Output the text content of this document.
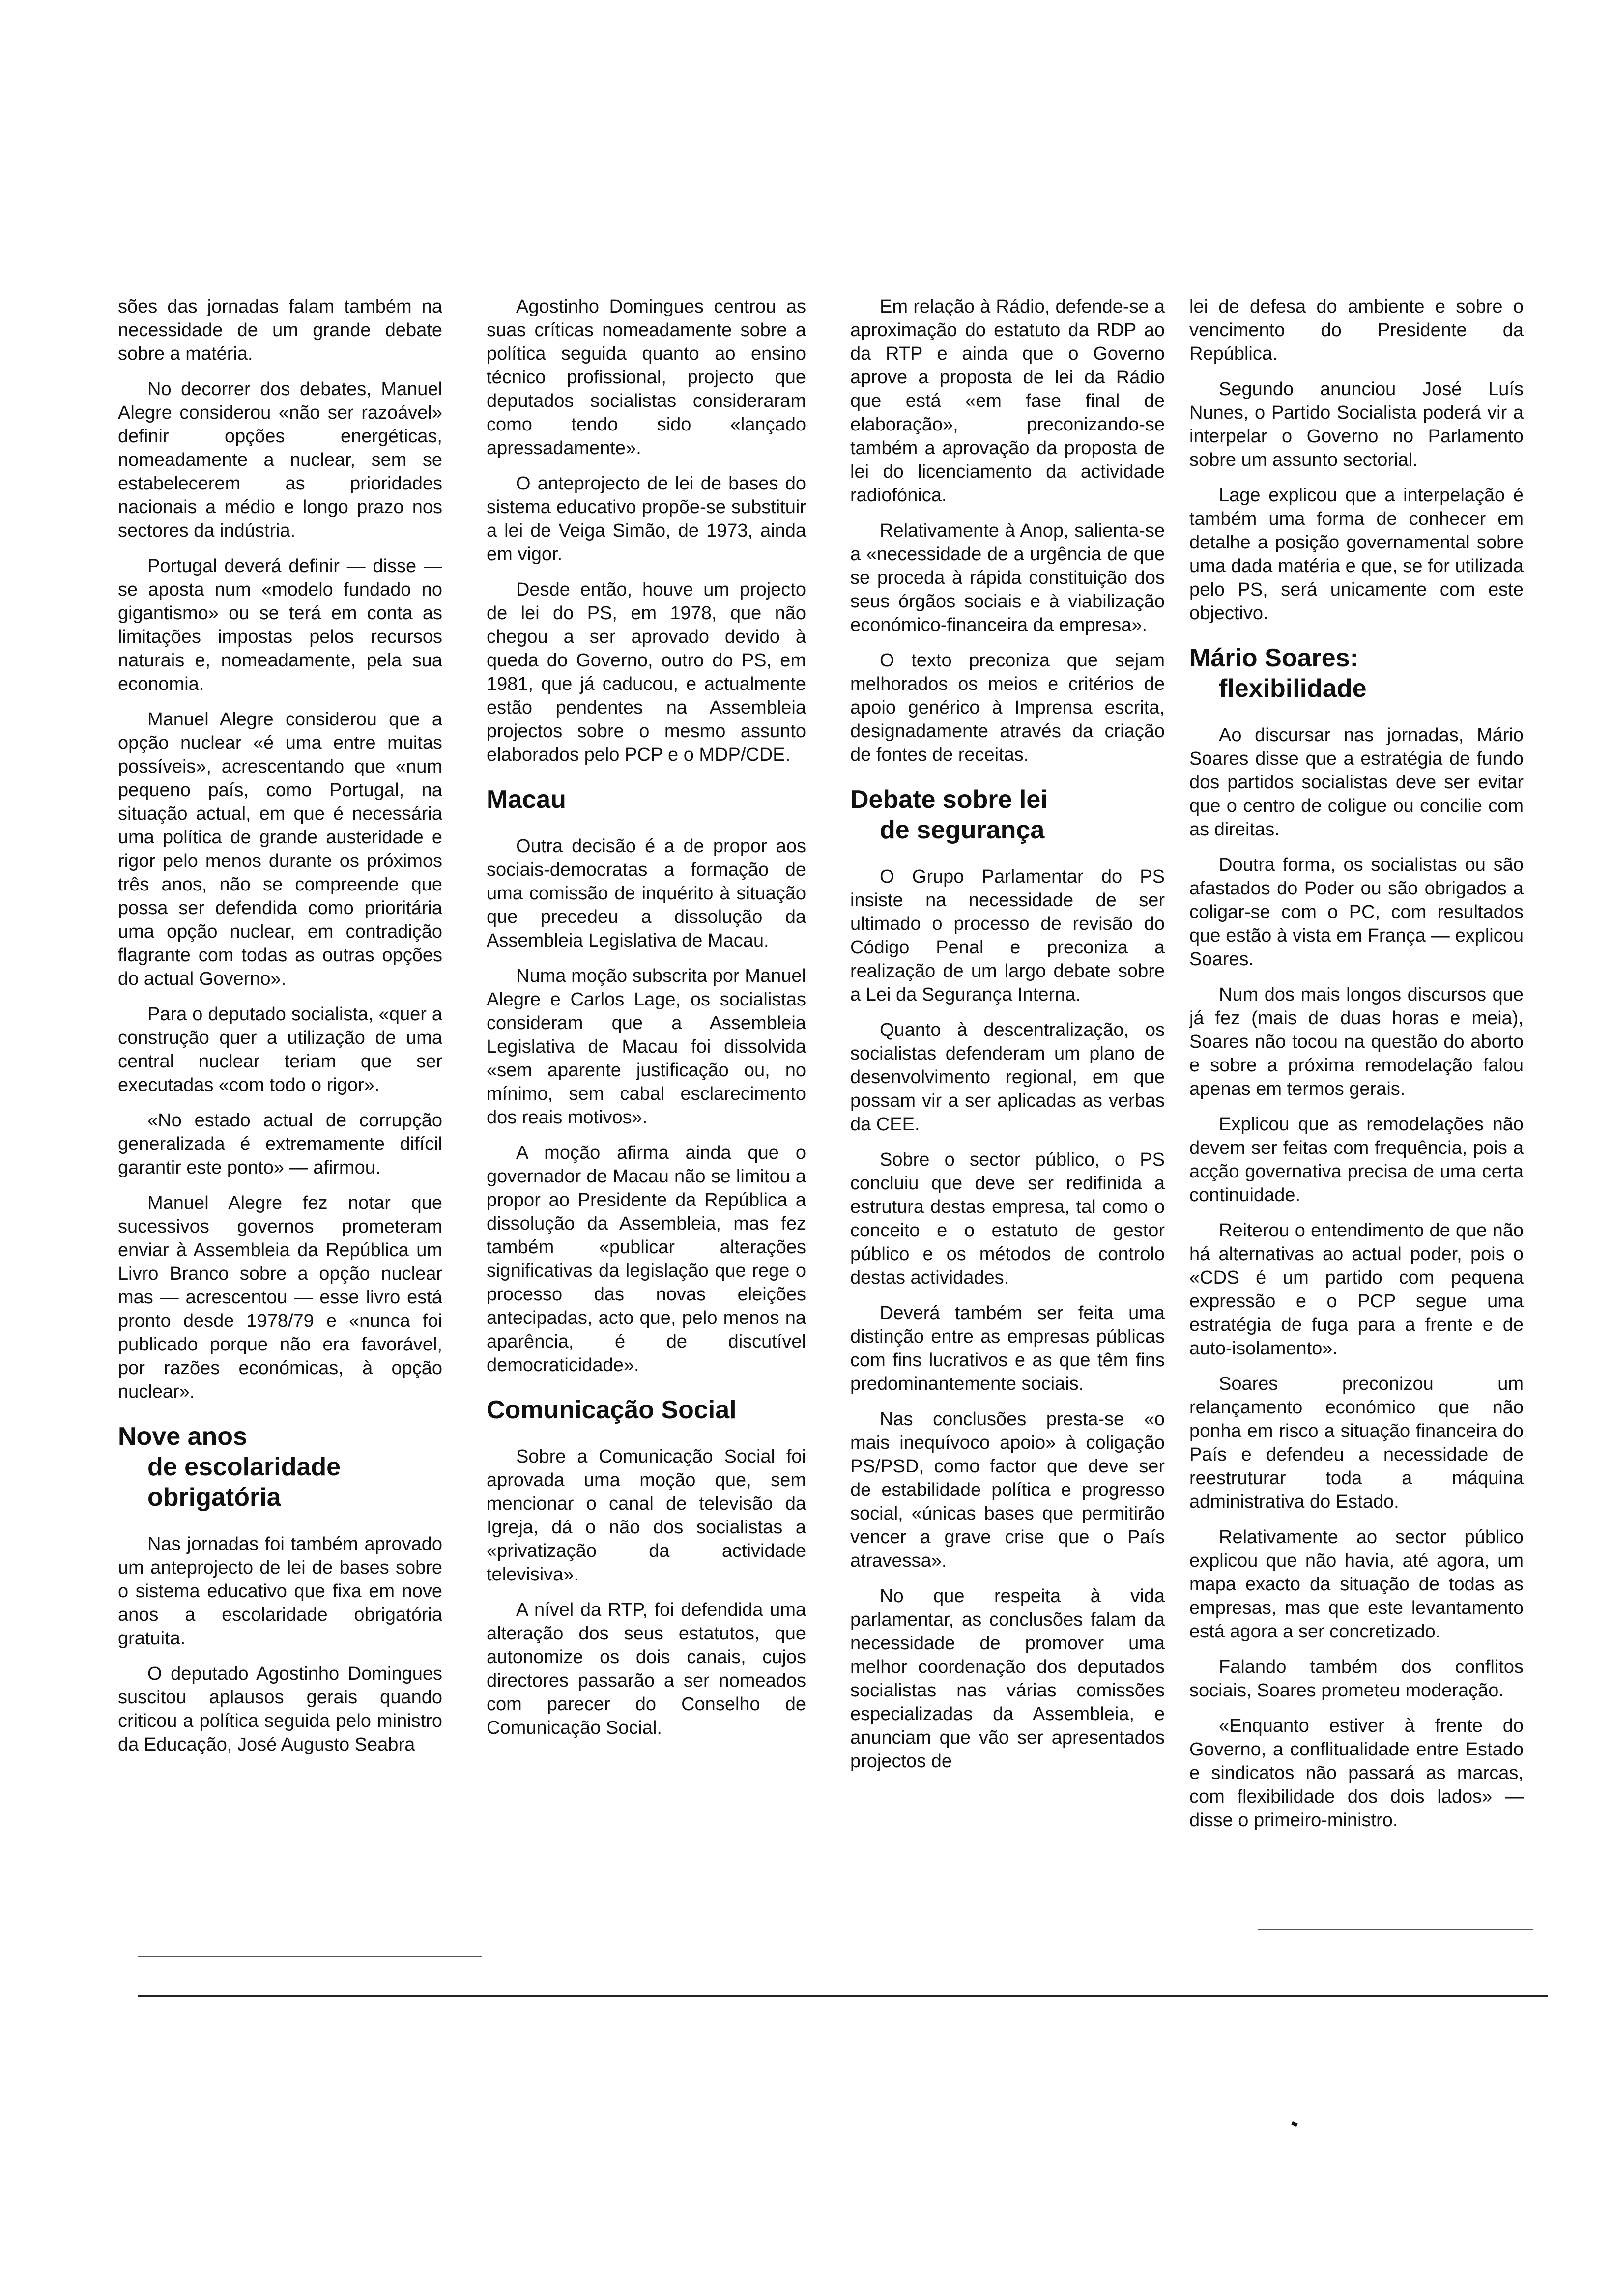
sões das jornadas falam também na necessidade de um grande debate sobre a matéria.

No decorrer dos debates, Manuel Alegre considerou «não ser razoável» definir opções energéticas, nomeadamente a nuclear, sem se estabelecerem as prioridades nacionais a médio e longo prazo nos sectores da indústria.

Portugal deverá definir — disse — se aposta num «modelo fundado no gigantismo» ou se terá em conta as limitações impostas pelos recursos naturais e, nomeadamente, pela sua economia.

Manuel Alegre considerou que a opção nuclear «é uma entre muitas possíveis», acrescentando que «num pequeno país, como Portugal, na situação actual, em que é necessária uma política de grande austeridade e rigor pelo menos durante os próximos três anos, não se compreende que possa ser defendida como prioritária uma opção nuclear, em contradição flagrante com todas as outras opções do actual Governo».

Para o deputado socialista, «quer a construção quer a utilização de uma central nuclear teriam que ser executadas «com todo o rigor».

«No estado actual de corrupção generalizada é extremamente difícil garantir este ponto» — afirmou.

Manuel Alegre fez notar que sucessivos governos prometeram enviar à Assembleia da República um Livro Branco sobre a opção nuclear mas — acrescentou — esse livro está pronto desde 1978/79 e «nunca foi publicado porque não era favorável, por razões económicas, à opção nuclear».

Nove anos
de escolaridade obrigatória

Nas jornadas foi também aprovado um anteprojecto de lei de bases sobre o sistema educativo que fixa em nove anos a escolaridade obrigatória gratuita.

O deputado Agostinho Domingues suscitou aplausos gerais quando criticou a política seguida pelo ministro da Educação, José Augusto Seabra

Agostinho Domingues centrou as suas críticas nomeadamente sobre a política seguida quanto ao ensino técnico profissional, projecto que deputados socialistas consideraram como tendo sido «lançado apressadamente».

O anteprojecto de lei de bases do sistema educativo propõe-se substituir a lei de Veiga Simão, de 1973, ainda em vigor.

Desde então, houve um projecto de lei do PS, em 1978, que não chegou a ser aprovado devido à queda do Governo, outro do PS, em 1981, que já caducou, e actualmente estão pendentes na Assembleia projectos sobre o mesmo assunto elaborados pelo PCP e o MDP/CDE.

Macau

Outra decisão é a de propor aos sociais-democratas a formação de uma comissão de inquérito à situação que precedeu a dissolução da Assembleia Legislativa de Macau.

Numa moção subscrita por Manuel Alegre e Carlos Lage, os socialistas consideram que a Assembleia Legislativa de Macau foi dissolvida «sem aparente justificação ou, no mínimo, sem cabal esclarecimento dos reais motivos».

A moção afirma ainda que o governador de Macau não se limitou a propor ao Presidente da República a dissolução da Assembleia, mas fez também «publicar alterações significativas da legislação que rege o processo das novas eleições antecipadas, acto que, pelo menos na aparência, é de discutível democraticidade».

Comunicação Social

Sobre a Comunicação Social foi aprovada uma moção que, sem mencionar o canal de televisão da Igreja, dá o não dos socialistas a «privatização da actividade televisiva».

A nível da RTP, foi defendida uma alteração dos seus estatutos, que autonomize os dois canais, cujos directores passarão a ser nomeados com parecer do Conselho de Comunicação Social.

Em relação à Rádio, defende-se a aproximação do estatuto da RDP ao da RTP e ainda que o Governo aprove a proposta de lei da Rádio que está «em fase final de elaboração», preconizando-se também a aprovação da proposta de lei do licenciamento da actividade radiofónica.

Relativamente à Anop, salienta-se a «necessidade de a urgência de que se proceda à rápida constituição dos seus órgãos sociais e à viabilização económico-financeira da empresa».

O texto preconiza que sejam melhorados os meios e critérios de apoio genérico à Imprensa escrita, designadamente através da criação de fontes de receitas.

Debate sobre lei
de segurança

O Grupo Parlamentar do PS insiste na necessidade de ser ultimado o processo de revisão do Código Penal e preconiza a realização de um largo debate sobre a Lei da Segurança Interna.

Quanto à descentralização, os socialistas defenderam um plano de desenvolvimento regional, em que possam vir a ser aplicadas as verbas da CEE.

Sobre o sector público, o PS concluiu que deve ser redifinida a estrutura destas empresa, tal como o conceito e o estatuto de gestor público e os métodos de controlo destas actividades.

Deverá também ser feita uma distinção entre as empresas públicas com fins lucrativos e as que têm fins predominantemente sociais.

Nas conclusões presta-se «o mais inequívoco apoio» à coligação PS/PSD, como factor que deve ser de estabilidade política e progresso social, «únicas bases que permitirão vencer a grave crise que o País atravessa».

No que respeita à vida parlamentar, as conclusões falam da necessidade de promover uma melhor coordenação dos deputados socialistas nas várias comissões especializadas da Assembleia, e anunciam que vão ser apresentados projectos de

lei de defesa do ambiente e sobre o vencimento do Presidente da República.

Segundo anunciou José Luís Nunes, o Partido Socialista poderá vir a interpelar o Governo no Parlamento sobre um assunto sectorial.

Lage explicou que a interpelação é também uma forma de conhecer em detalhe a posição governamental sobre uma dada matéria e que, se for utilizada pelo PS, será unicamente com este objectivo.

Mário Soares:
flexibilidade

Ao discursar nas jornadas, Mário Soares disse que a estratégia de fundo dos partidos socialistas deve ser evitar que o centro de coligue ou concilie com as direitas.

Doutra forma, os socialistas ou são afastados do Poder ou são obrigados a coligar-se com o PC, com resultados que estão à vista em França — explicou Soares.

Num dos mais longos discursos que já fez (mais de duas horas e meia), Soares não tocou na questão do aborto e sobre a próxima remodelação falou apenas em termos gerais.

Explicou que as remodelações não devem ser feitas com frequência, pois a acção governativa precisa de uma certa continuidade.

Reiterou o entendimento de que não há alternativas ao actual poder, pois o «CDS é um partido com pequena expressão e o PCP segue uma estratégia de fuga para a frente e de auto-isolamento».

Soares preconizou um relançamento económico que não ponha em risco a situação financeira do País e defendeu a necessidade de reestruturar toda a máquina administrativa do Estado.

Relativamente ao sector público explicou que não havia, até agora, um mapa exacto da situação de todas as empresas, mas que este levantamento está agora a ser concretizado.

Falando também dos conflitos sociais, Soares prometeu moderação.

«Enquanto estiver à frente do Governo, a conflitualidade entre Estado e sindicatos não passará as marcas, com flexibilidade dos dois lados» — disse o primeiro-ministro.
